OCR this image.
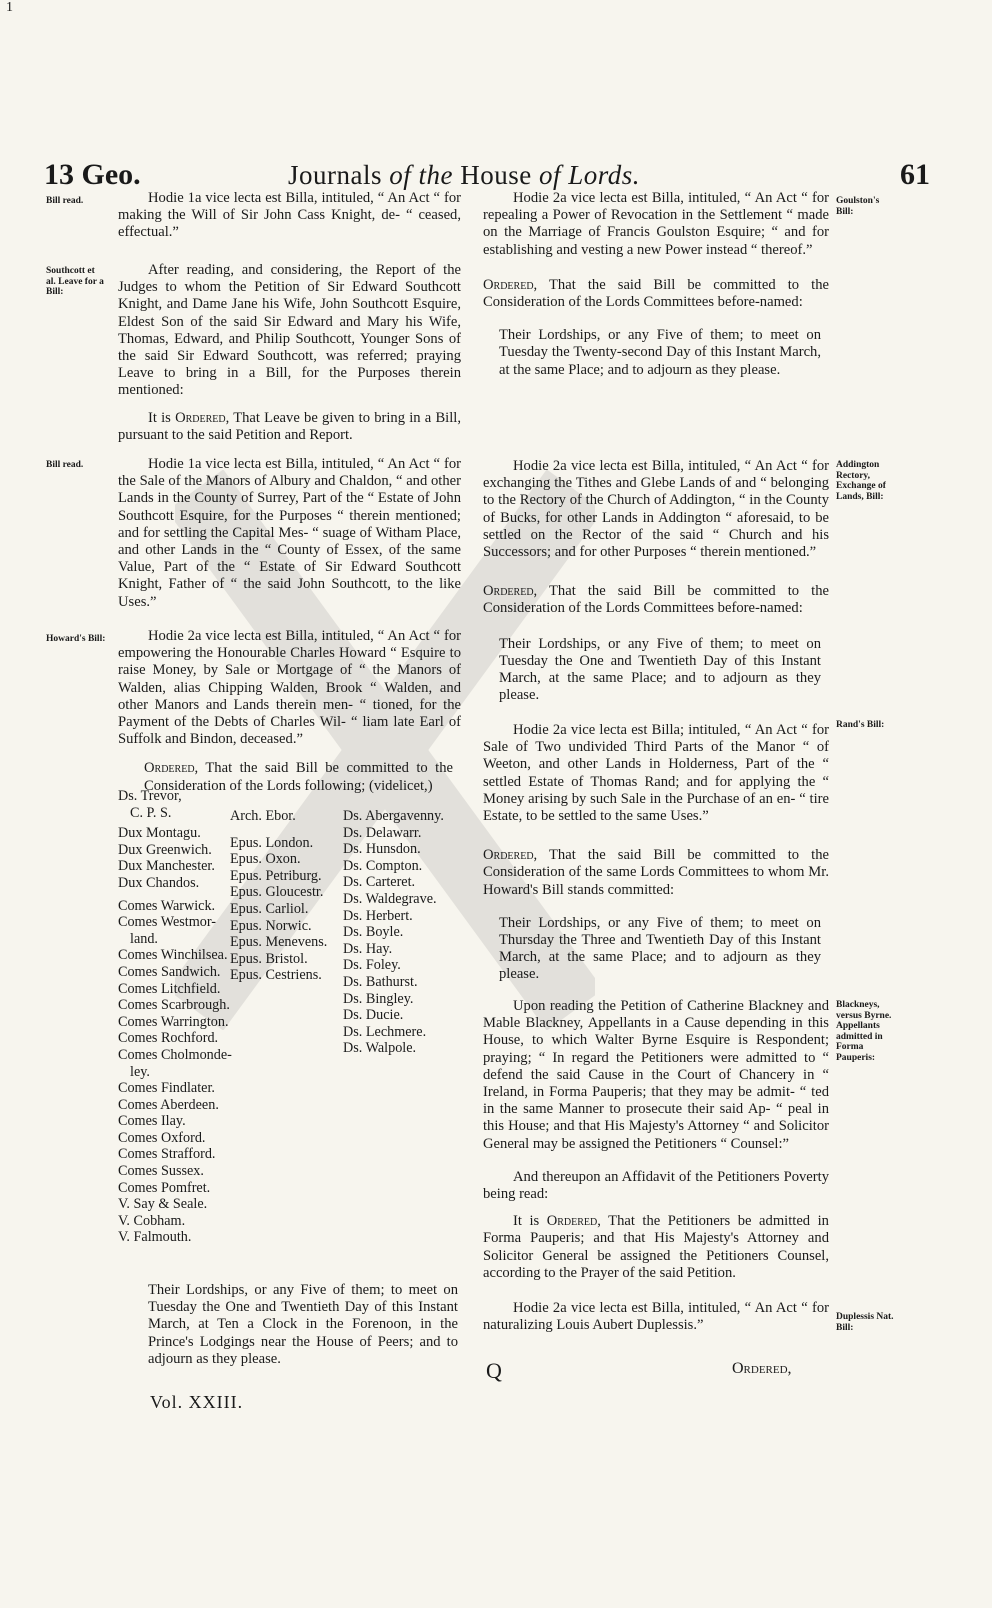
1
13 Geo.	Journals of the House of Lords.	61
Bill read.
Southcott et al. Leave for a Bill:
Bill read.
Howard's Bill:
Goulston's Bill:
Addington Rectory, Exchange of Lands, Bill:
Rand's Bill:
Blackneys, versus Byrne. Appellants admitted in Forma Pauperis:
Duplessis Nat. Bill:

Hodie 1a vice lecta est Billa, intituled, “ An Act “ for making the Will of Sir John Cass Knight, de- “ ceased, effectual.”

After reading, and considering, the Report of the Judges to whom the Petition of Sir Edward Southcott Knight, and Dame Jane his Wife, John Southcott Esquire, Eldest Son of the said Sir Edward and Mary his Wife, Thomas, Edward, and Philip Southcott, Younger Sons of the said Sir Edward Southcott, was referred; praying Leave to bring in a Bill, for the Purposes therein mentioned:

It is Ordered, That Leave be given to bring in a Bill, pursuant to the said Petition and Report.

Hodie 1a vice lecta est Billa, intituled, “ An Act “ for the Sale of the Manors of Albury and Chaldon, “ and other Lands in the County of Surrey, Part of the “ Estate of John Southcott Esquire, for the Purposes “ therein mentioned; and for settling the Capital Mes- “ suage of Witham Place, and other Lands in the “ County of Essex, of the same Value, Part of the “ Estate of Sir Edward Southcott Knight, Father of “ the said John Southcott, to the like Uses.”

Hodie 2a vice lecta est Billa, intituled, “ An Act “ for empowering the Honourable Charles Howard “ Esquire to raise Money, by Sale or Mortgage of “ the Manors of Walden, alias Chipping Walden, Brook “ Walden, and other Manors and Lands therein men- “ tioned, for the Payment of the Debts of Charles Wil- “ liam late Earl of Suffolk and Bindon, deceased.”

Ordered, That the said Bill be committed to the Consideration of the Lords following; (videlicet,)

Ds. Trevor,
C. P. S.
Dux Montagu.
Dux Greenwich.
Dux Manchester.
Dux Chandos.
Comes Warwick.
Comes Westmor-
land.
Comes Winchilsea.
Comes Sandwich.
Comes Litchfield.
Comes Scarbrough.
Comes Warrington.
Comes Rochford.
Comes Cholmonde-
ley.
Comes Findlater.
Comes Aberdeen.
Comes Ilay.
Comes Oxford.
Comes Strafford.
Comes Sussex.
Comes Pomfret.
V. Say & Seale.
V. Cobham.
V. Falmouth.
Arch. Ebor.
Epus. London.
Epus. Oxon.
Epus. Petriburg.
Epus. Gloucestr.
Epus. Carliol.
Epus. Norwic.
Epus. Menevens.
Epus. Bristol.
Epus. Cestriens.
Ds. Abergavenny.
Ds. Delawarr.
Ds. Hunsdon.
Ds. Compton.
Ds. Carteret.
Ds. Waldegrave.
Ds. Herbert.
Ds. Boyle.
Ds. Hay.
Ds. Foley.
Ds. Bathurst.
Ds. Bingley.
Ds. Ducie.
Ds. Lechmere.
Ds. Walpole.

Their Lordships, or any Five of them; to meet on Tuesday the One and Twentieth Day of this Instant March, at Ten a Clock in the Forenoon, in the Prince's Lodgings near the House of Peers; and to adjourn as they please.

Vol. XXIII.

Hodie 2a vice lecta est Billa, intituled, “ An Act “ for repealing a Power of Revocation in the Settlement “ made on the Marriage of Francis Goulston Esquire; “ and for establishing and vesting a new Power instead “ thereof.”

Ordered, That the said Bill be committed to the Consideration of the Lords Committees before-named:

Their Lordships, or any Five of them; to meet on Tuesday the Twenty-second Day of this Instant March, at the same Place; and to adjourn as they please.

Hodie 2a vice lecta est Billa, intituled, “ An Act “ for exchanging the Tithes and Glebe Lands of and “ belonging to the Rectory of the Church of Addington, “ in the County of Bucks, for other Lands in Addington “ aforesaid, to be settled on the Rector of the said “ Church and his Successors; and for other Purposes “ therein mentioned.”

Ordered, That the said Bill be committed to the Consideration of the Lords Committees before-named:

Their Lordships, or any Five of them; to meet on Tuesday the One and Twentieth Day of this Instant March, at the same Place; and to adjourn as they please.

Hodie 2a vice lecta est Billa; intituled, “ An Act “ for Sale of Two undivided Third Parts of the Manor “ of Weeton, and other Lands in Holderness, Part of the “ settled Estate of Thomas Rand; and for applying the “ Money arising by such Sale in the Purchase of an en- “ tire Estate, to be settled to the same Uses.”

Ordered, That the said Bill be committed to the Consideration of the same Lords Committees to whom Mr. Howard's Bill stands committed:

Their Lordships, or any Five of them; to meet on Thursday the Three and Twentieth Day of this Instant March, at the same Place; and to adjourn as they please.

Upon reading the Petition of Catherine Blackney and Mable Blackney, Appellants in a Cause depending in this House, to which Walter Byrne Esquire is Respondent; praying; “ In regard the Petitioners were admitted to “ defend the said Cause in the Court of Chancery in “ Ireland, in Forma Pauperis; that they may be admit- “ ted in the same Manner to prosecute their said Ap- “ peal in this House; and that His Majesty's Attorney “ and Solicitor General may be assigned the Petitioners “ Counsel:”

And thereupon an Affidavit of the Petitioners Poverty being read:

It is Ordered, That the Petitioners be admitted in Forma Pauperis; and that His Majesty's Attorney and Solicitor General be assigned the Petitioners Counsel, according to the Prayer of the said Petition.

Hodie 2a vice lecta est Billa, intituled, “ An Act “ for naturalizing Louis Aubert Duplessis.”

Q	Ordered,
